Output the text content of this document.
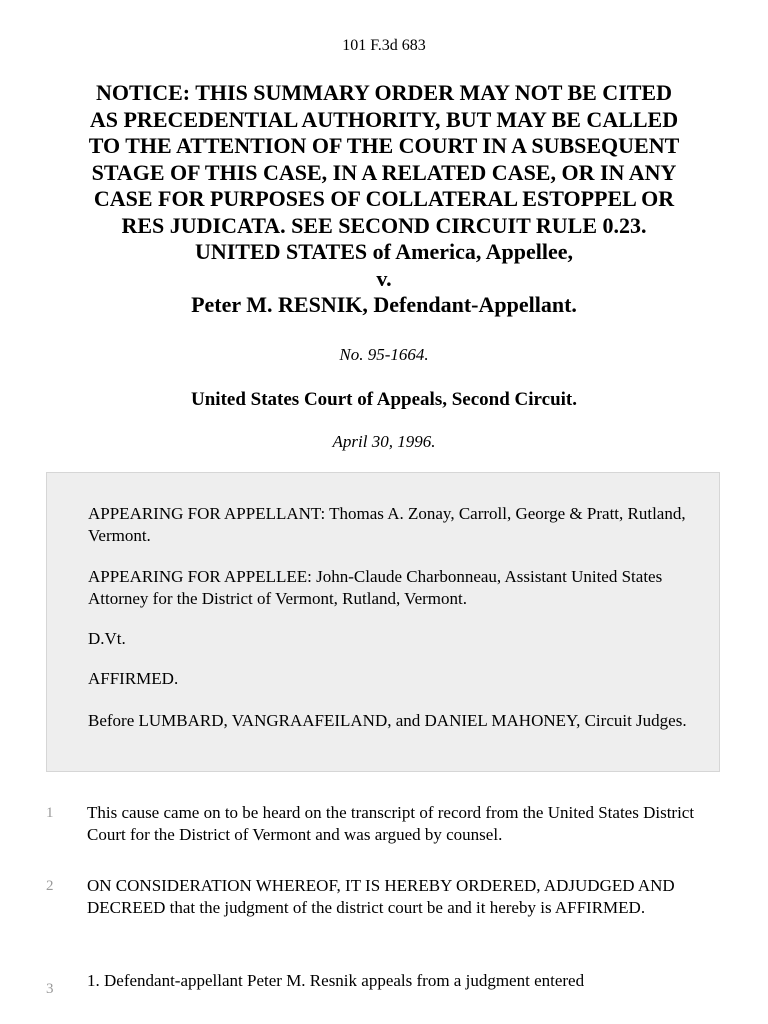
101 F.3d 683
NOTICE: THIS SUMMARY ORDER MAY NOT BE CITED
AS PRECEDENTIAL AUTHORITY, BUT MAY BE CALLED
TO THE ATTENTION OF THE COURT IN A SUBSEQUENT
STAGE OF THIS CASE, IN A RELATED CASE, OR IN ANY
CASE FOR PURPOSES OF COLLATERAL ESTOPPEL OR
RES JUDICATA. SEE SECOND CIRCUIT RULE 0.23.
UNITED STATES of America, Appellee,
v.
Peter M. RESNIK, Defendant-Appellant.
No. 95-1664.
United States Court of Appeals, Second Circuit.
April 30, 1996.

APPEARING FOR APPELLANT: Thomas A. Zonay, Carroll, George & Pratt, Rutland, Vermont.

APPEARING FOR APPELLEE: John-Claude Charbonneau, Assistant United States Attorney for the District of Vermont, Rutland, Vermont.

D.Vt.

AFFIRMED.

Before LUMBARD, VANGRAAFEILAND, and DANIEL MAHONEY, Circuit Judges.

1 This cause came on to be heard on the transcript of record from the United States District Court for the District of Vermont and was argued by counsel.
2 ON CONSIDERATION WHEREOF, IT IS HEREBY ORDERED, ADJUDGED AND DECREED that the judgment of the district court be and it hereby is AFFIRMED.
3 1. Defendant-appellant Peter M. Resnik appeals from a judgment entered
